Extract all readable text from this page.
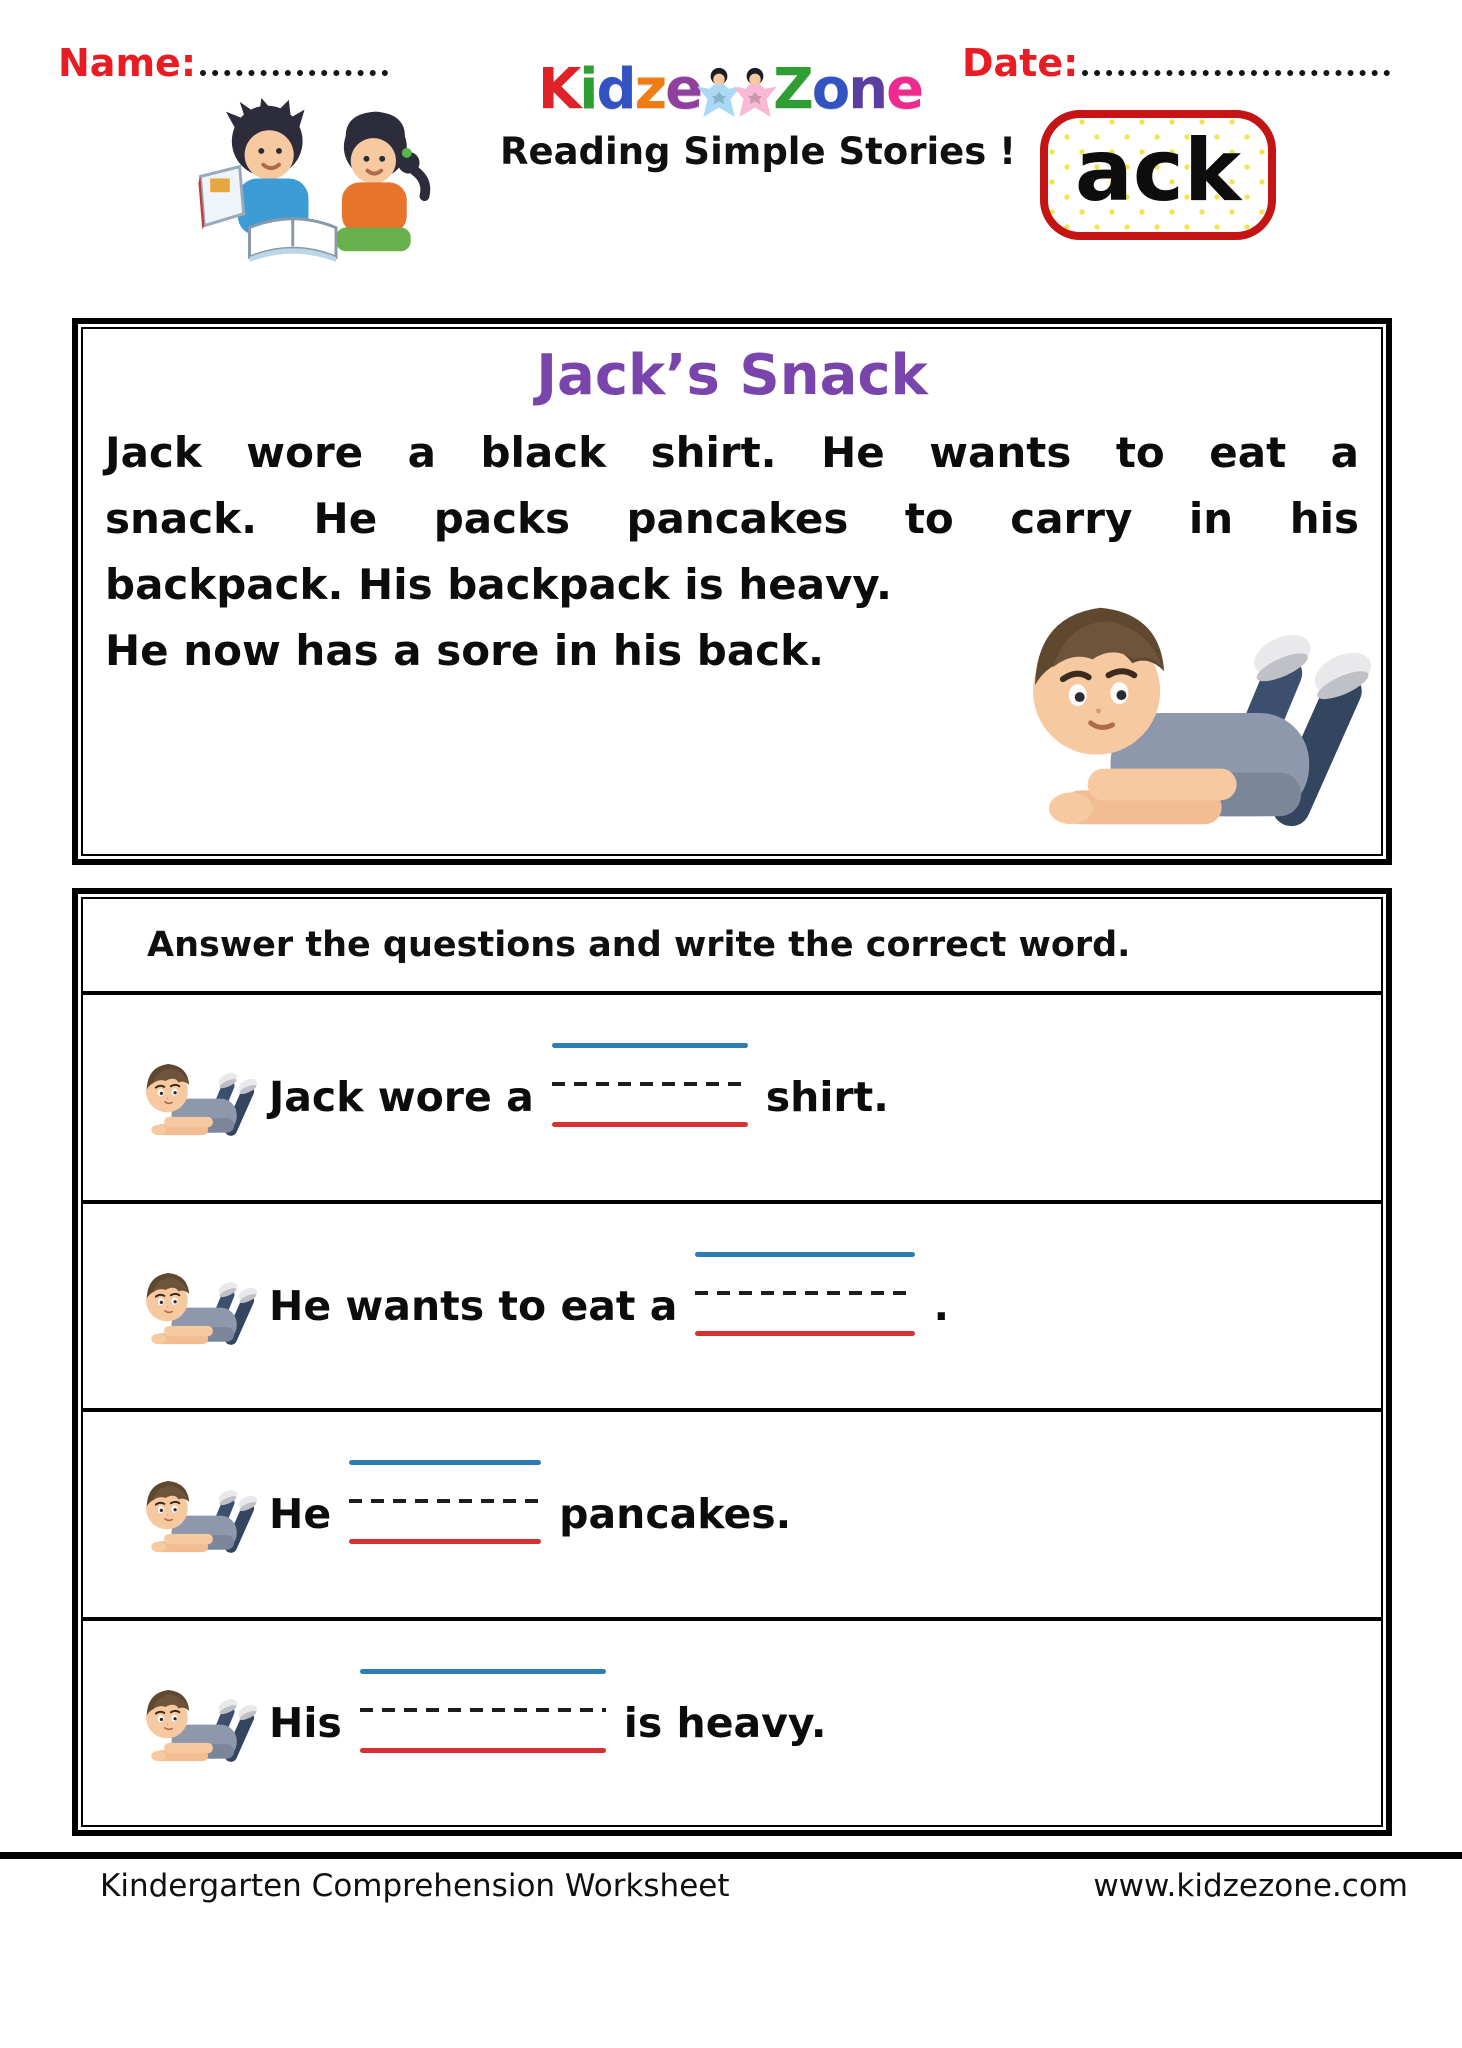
Name:	K i d z e Z o n e Date:
Reading Simple Stories ! ack
Jack’s Snack
Jack wore a black shirt. He wants to eat a
snack. He packs pancakes to carry in his
backpack. His backpack is heavy.
He now has a sore in his back.
Answer the questions and write the correct word.
Jack wore a	shirt.
He wants to eat a	.
He	pancakes.
His	is heavy.
Kindergarten Comprehension Worksheet	www.kidzezone.com
